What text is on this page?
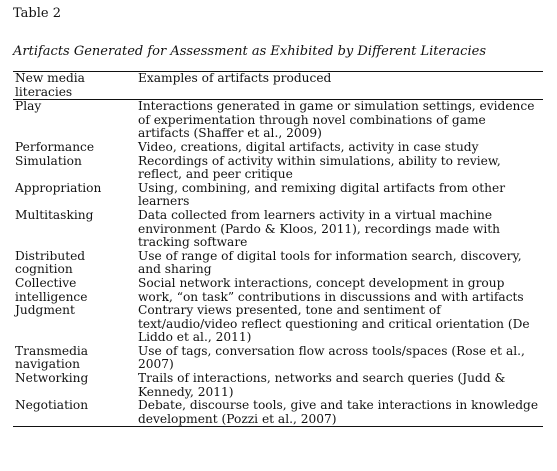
Table 2

Artifacts Generated for Assessment as Exhibited by Different Literacies

New media literacies	Examples of artifacts produced
Play	Interactions generated in game or simulation settings, evidence of experimentation through novel combinations of game artifacts (Shaffer et al., 2009)
Performance	Video, creations, digital artifacts, activity in case study
Simulation	Recordings of activity within simulations, ability to review, reflect, and peer critique
Appropriation	Using, combining, and remixing digital artifacts from other learners
Multitasking	Data collected from learners activity in a virtual machine environment (Pardo & Kloos, 2011), recordings made with tracking software
Distributed cognition	Use of range of digital tools for information search, discovery, and sharing
Collective intelligence	Social network interactions, concept development in group work, “on task” contributions in discussions and with artifacts
Judgment	Contrary views presented, tone and sentiment of text/audio/video reflect questioning and critical orientation (De Liddo et al., 2011)
Transmedia navigation	Use of tags, conversation flow across tools/spaces (Rose et al., 2007)
Networking	Trails of interactions, networks and search queries (Judd & Kennedy, 2011)
Negotiation	Debate, discourse tools, give and take interactions in knowledge development (Pozzi et al., 2007)
